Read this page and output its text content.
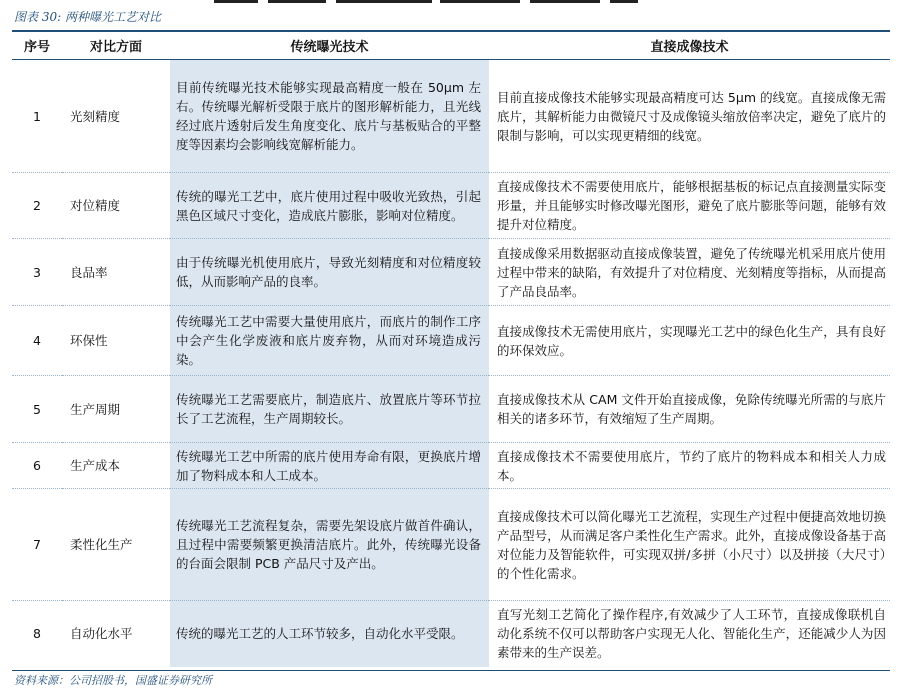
图表 30: 两种曝光工艺对比
序号	对比方面	传统曝光技术	直接成像技术
1	光刻精度	目前传统曝光技术能够实现最高精度一般在 50μm 左右。传统曝光解析受限于底片的图形解析能力，且光线经过底片透射后发生角度变化、底片与基板贴合的平整度等因素均会影响线宽解析能力。	目前直接成像技术能够实现最高精度可达 5μm 的线宽。直接成像无需底片，其解析能力由微镜尺寸及成像镜头缩放倍率决定，避免了底片的限制与影响，可以实现更精细的线宽。
2	对位精度	传统的曝光工艺中，底片使用过程中吸收光致热，引起黑色区域尺寸变化，造成底片膨胀，影响对位精度。	直接成像技术不需要使用底片，能够根据基板的标记点直接测量实际变形量，并且能够实时修改曝光图形，避免了底片膨胀等问题，能够有效提升对位精度。
3	良品率	由于传统曝光机使用底片，导致光刻精度和对位精度较低，从而影响产品的良率。	直接成像采用数据驱动直接成像装置，避免了传统曝光机采用底片使用过程中带来的缺陷，有效提升了对位精度、光刻精度等指标，从而提高了产品良品率。
4	环保性	传统曝光工艺中需要大量使用底片，而底片的制作工序中会产生化学废液和底片废弃物，从而对环境造成污染。	直接成像技术无需使用底片，实现曝光工艺中的绿色化生产，具有良好的环保效应。
5	生产周期	传统曝光工艺需要底片，制造底片、放置底片等环节拉长了工艺流程，生产周期较长。	直接成像技术从 CAM 文件开始直接成像，免除传统曝光所需的与底片相关的诸多环节，有效缩短了生产周期。
6	生产成本	传统曝光工艺中所需的底片使用寿命有限，更换底片增加了物料成本和人工成本。	直接成像技术不需要使用底片，节约了底片的物料成本和相关人力成本。
7	柔性化生产	传统曝光工艺流程复杂，需要先架设底片做首件确认，且过程中需要频繁更换清洁底片。此外，传统曝光设备的台面会限制 PCB 产品尺寸及产出。	直接成像技术可以简化曝光工艺流程，实现生产过程中便捷高效地切换产品型号，从而满足客户柔性化生产需求。此外，直接成像设备基于高对位能力及智能软件，可实现双拼/多拼（小尺寸）以及拼接（大尺寸）的个性化需求。
8	自动化水平	传统的曝光工艺的人工环节较多，自动化水平受限。	直写光刻工艺简化了操作程序,有效减少了人工环节，直接成像联机自动化系统不仅可以帮助客户实现无人化、智能化生产，还能减少人为因素带来的生产误差。
资料来源：公司招股书，国盛证券研究所
